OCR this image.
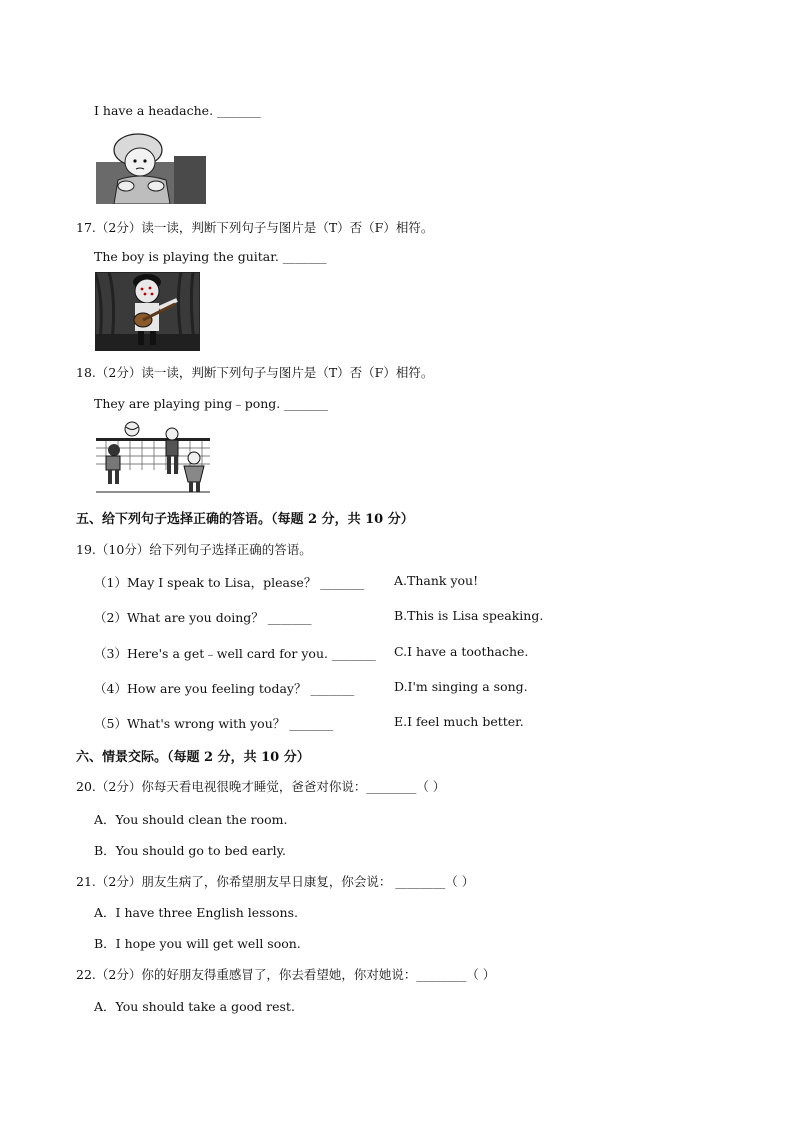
I have a headache. _______
17.（2分）读一读，判断下列句子与图片是（T）否（F）相符。
The boy is playing the guitar. _______
18.（2分）读一读，判断下列句子与图片是（T）否（F）相符。
They are playing ping﹣pong. _______
五、给下列句子选择正确的答语。（每题 2 分，共 10 分）
19.（10分）给下列句子选择正确的答语。
（1）May I speak to Lisa，please？ _______ A.Thank you!
（2）What are you doing？ _______	B.This is Lisa speaking.
（3）Here's a get﹣well card for you. _______ C.I have a toothache.
（4）How are you feeling today？ _______	D.I'm singing a song.
（5）What's wrong with you？ _______	E.I feel much better.
六、情景交际。（每题 2 分，共 10 分）
20.（2分）你每天看电视很晚才睡觉，爸爸对你说：________（ ）
A．You should clean the room.
B．You should go to bed early.
21.（2分）朋友生病了，你希望朋友早日康复，你会说： ________（ ）
A．I have three English lessons.
B．I hope you will get well soon.
22.（2分）你的好朋友得重感冒了，你去看望她，你对她说：________（ ）
A．You should take a good rest.
